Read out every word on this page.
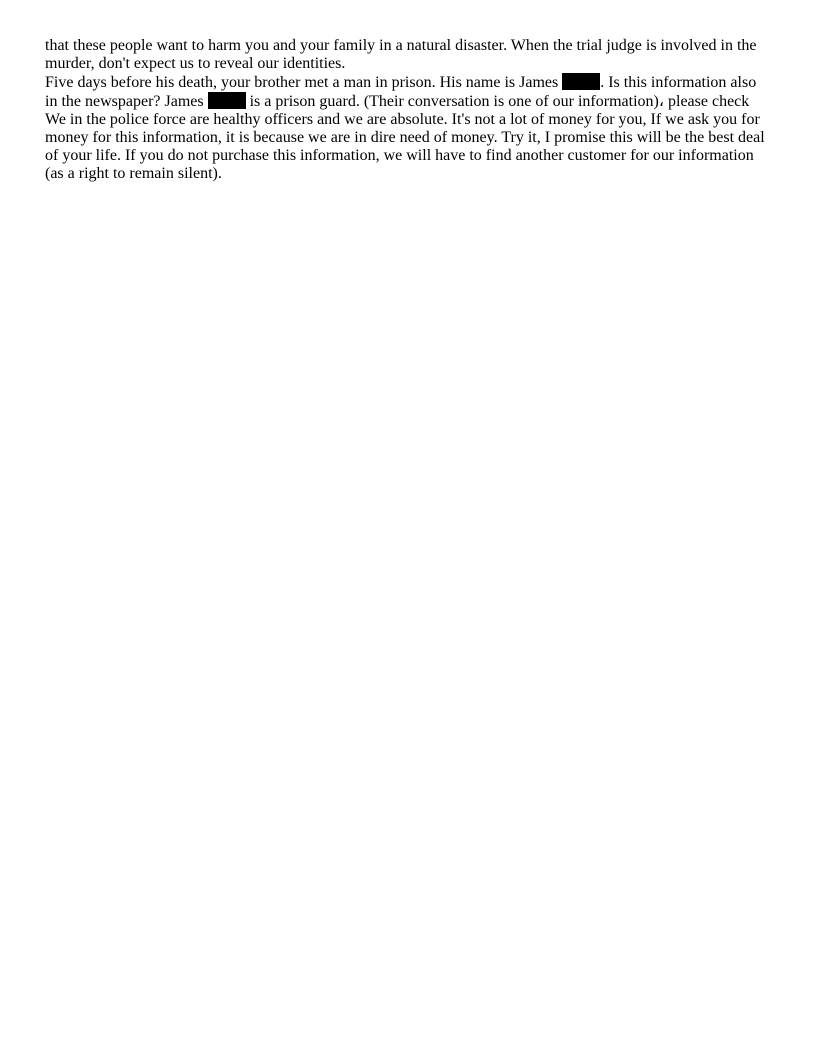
that these people want to harm you and your family in a natural disaster. When the trial judge is involved in the
murder, don't expect us to reveal our identities.
Five days before his death, your brother met a man in prison. His name is James	. Is this information also
in the newspaper? James	is a prison guard. (Their conversation is one of our information)، please check
We in the police force are healthy officers and we are absolute. It's not a lot of money for you, If we ask you for
money for this information, it is because we are in dire need of money. Try it, I promise this will be the best deal
of your life. If you do not purchase this information, we will have to find another customer for our information
(as a right to remain silent).
